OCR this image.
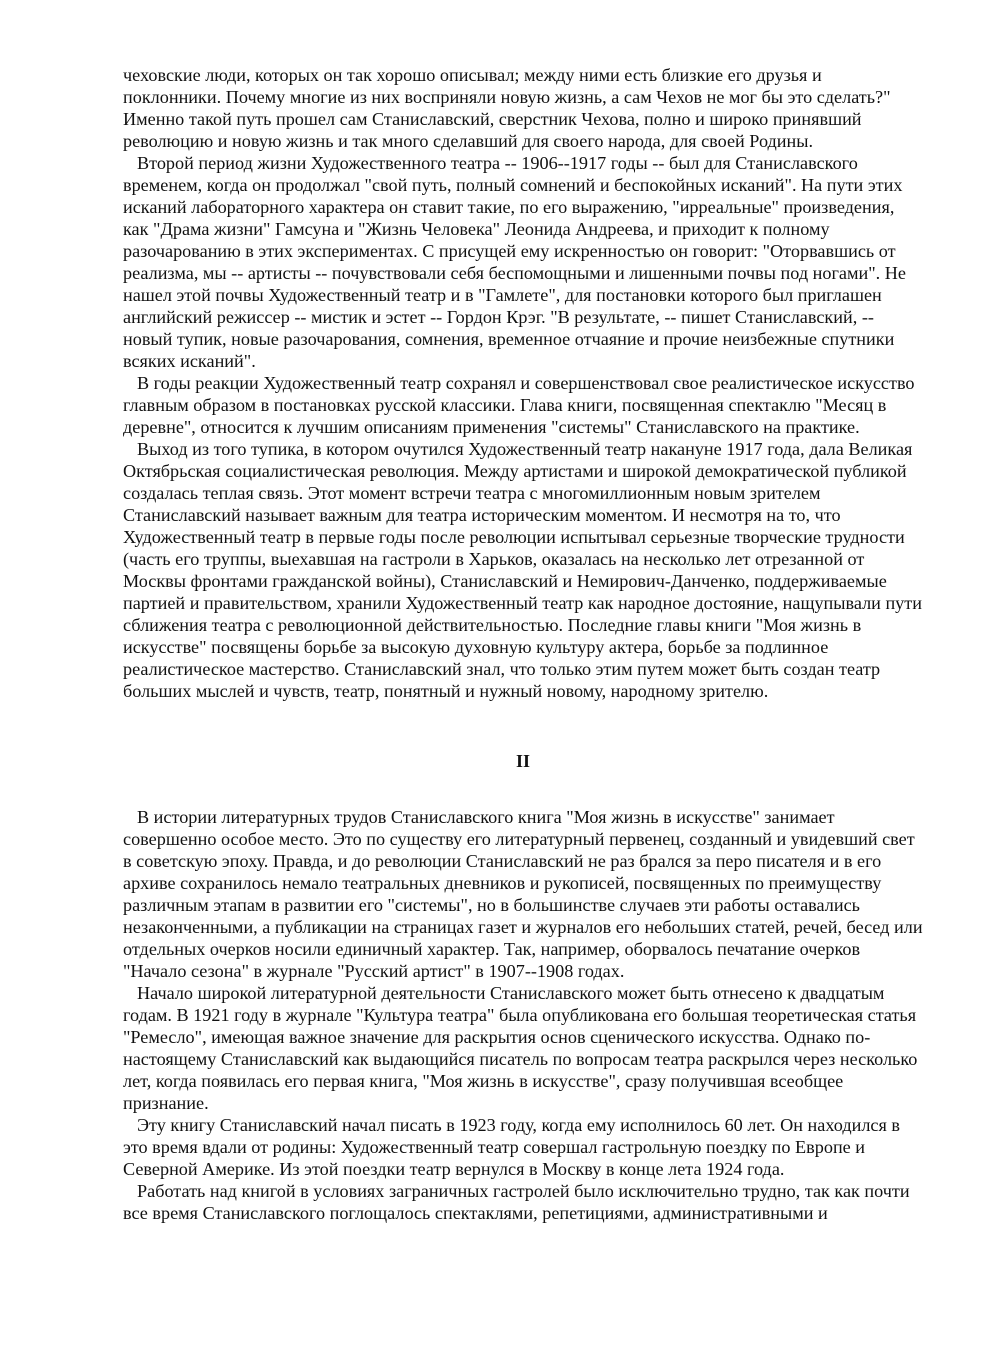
чеховские люди, которых он так хорошо описывал; между ними есть близкие его друзья и поклонники. Почему многие из них восприняли новую жизнь, а сам Чехов не мог бы это сделать?" Именно такой путь прошел сам Станиславский, сверстник Чехова, полно и широко принявший революцию и новую жизнь и так много сделавший для своего народа, для своей Родины.

Второй период жизни Художественного театра -- 1906--1917 годы -- был для Станиславского временем, когда он продолжал "свой путь, полный сомнений и беспокойных исканий". На пути этих исканий лабораторного характера он ставит такие, по его выражению, "ирреальные" произведения, как "Драма жизни" Гамсуна и "Жизнь Человека" Леонида Андреева, и приходит к полному разочарованию в этих экспериментах. С присущей ему искренностью он говорит: "Оторвавшись от реализма, мы -- артисты -- почувствовали себя беспомощными и лишенными почвы под ногами". Не нашел этой почвы Художественный театр и в "Гамлете", для постановки которого был приглашен английский режиссер -- мистик и эстет -- Гордон Крэг. "В результате, -- пишет Станиславский, -- новый тупик, новые разочарования, сомнения, временное отчаяние и прочие неизбежные спутники всяких исканий".

В годы реакции Художественный театр сохранял и совершенствовал свое реалистическое искусство главным образом в постановках русской классики. Глава книги, посвященная спектаклю "Месяц в деревне", относится к лучшим описаниям применения "системы" Станиславского на практике.

Выход из того тупика, в котором очутился Художественный театр накануне 1917 года, дала Великая Октябрьская социалистическая революция. Между артистами и широкой демократической публикой создалась теплая связь. Этот момент встречи театра с многомиллионным новым зрителем Станиславский называет важным для театра историческим моментом. И несмотря на то, что Художественный театр в первые годы после революции испытывал серьезные творческие трудности (часть его труппы, выехавшая на гастроли в Харьков, оказалась на несколько лет отрезанной от Москвы фронтами гражданской войны), Станиславский и Немирович-Данченко, поддерживаемые партией и правительством, хранили Художественный театр как народное достояние, нащупывали пути сближения театра с революционной действительностью. Последние главы книги "Моя жизнь в искусстве" посвящены борьбе за высокую духовную культуру актера, борьбе за подлинное реалистическое мастерство. Станиславский знал, что только этим путем может быть создан театр больших мыслей и чувств, театр, понятный и нужный новому, народному зрителю.

II

В истории литературных трудов Станиславского книга "Моя жизнь в искусстве" занимает совершенно особое место. Это по существу его литературный первенец, созданный и увидевший свет в советскую эпоху. Правда, и до революции Станиславский не раз брался за перо писателя и в его архиве сохранилось немало театральных дневников и рукописей, посвященных по преимуществу различным этапам в развитии его "системы", но в большинстве случаев эти работы оставались незаконченными, а публикации на страницах газет и журналов его небольших статей, речей, бесед или отдельных очерков носили единичный характер. Так, например, оборвалось печатание очерков "Начало сезона" в журнале "Русский артист" в 1907--1908 годах.

Начало широкой литературной деятельности Станиславского может быть отнесено к двадцатым годам. В 1921 году в журнале "Культура театра" была опубликована его большая теоретическая статья "Ремесло", имеющая важное значение для раскрытия основ сценического искусства. Однако по-настоящему Станиславский как выдающийся писатель по вопросам театра раскрылся через несколько лет, когда появилась его первая книга, "Моя жизнь в искусстве", сразу получившая всеобщее признание.

Эту книгу Станиславский начал писать в 1923 году, когда ему исполнилось 60 лет. Он находился в это время вдали от родины: Художественный театр совершал гастрольную поездку по Европе и Северной Америке. Из этой поездки театр вернулся в Москву в конце лета 1924 года.

Работать над книгой в условиях заграничных гастролей было исключительно трудно, так как почти все время Станиславского поглощалось спектаклями, репетициями, административными и
